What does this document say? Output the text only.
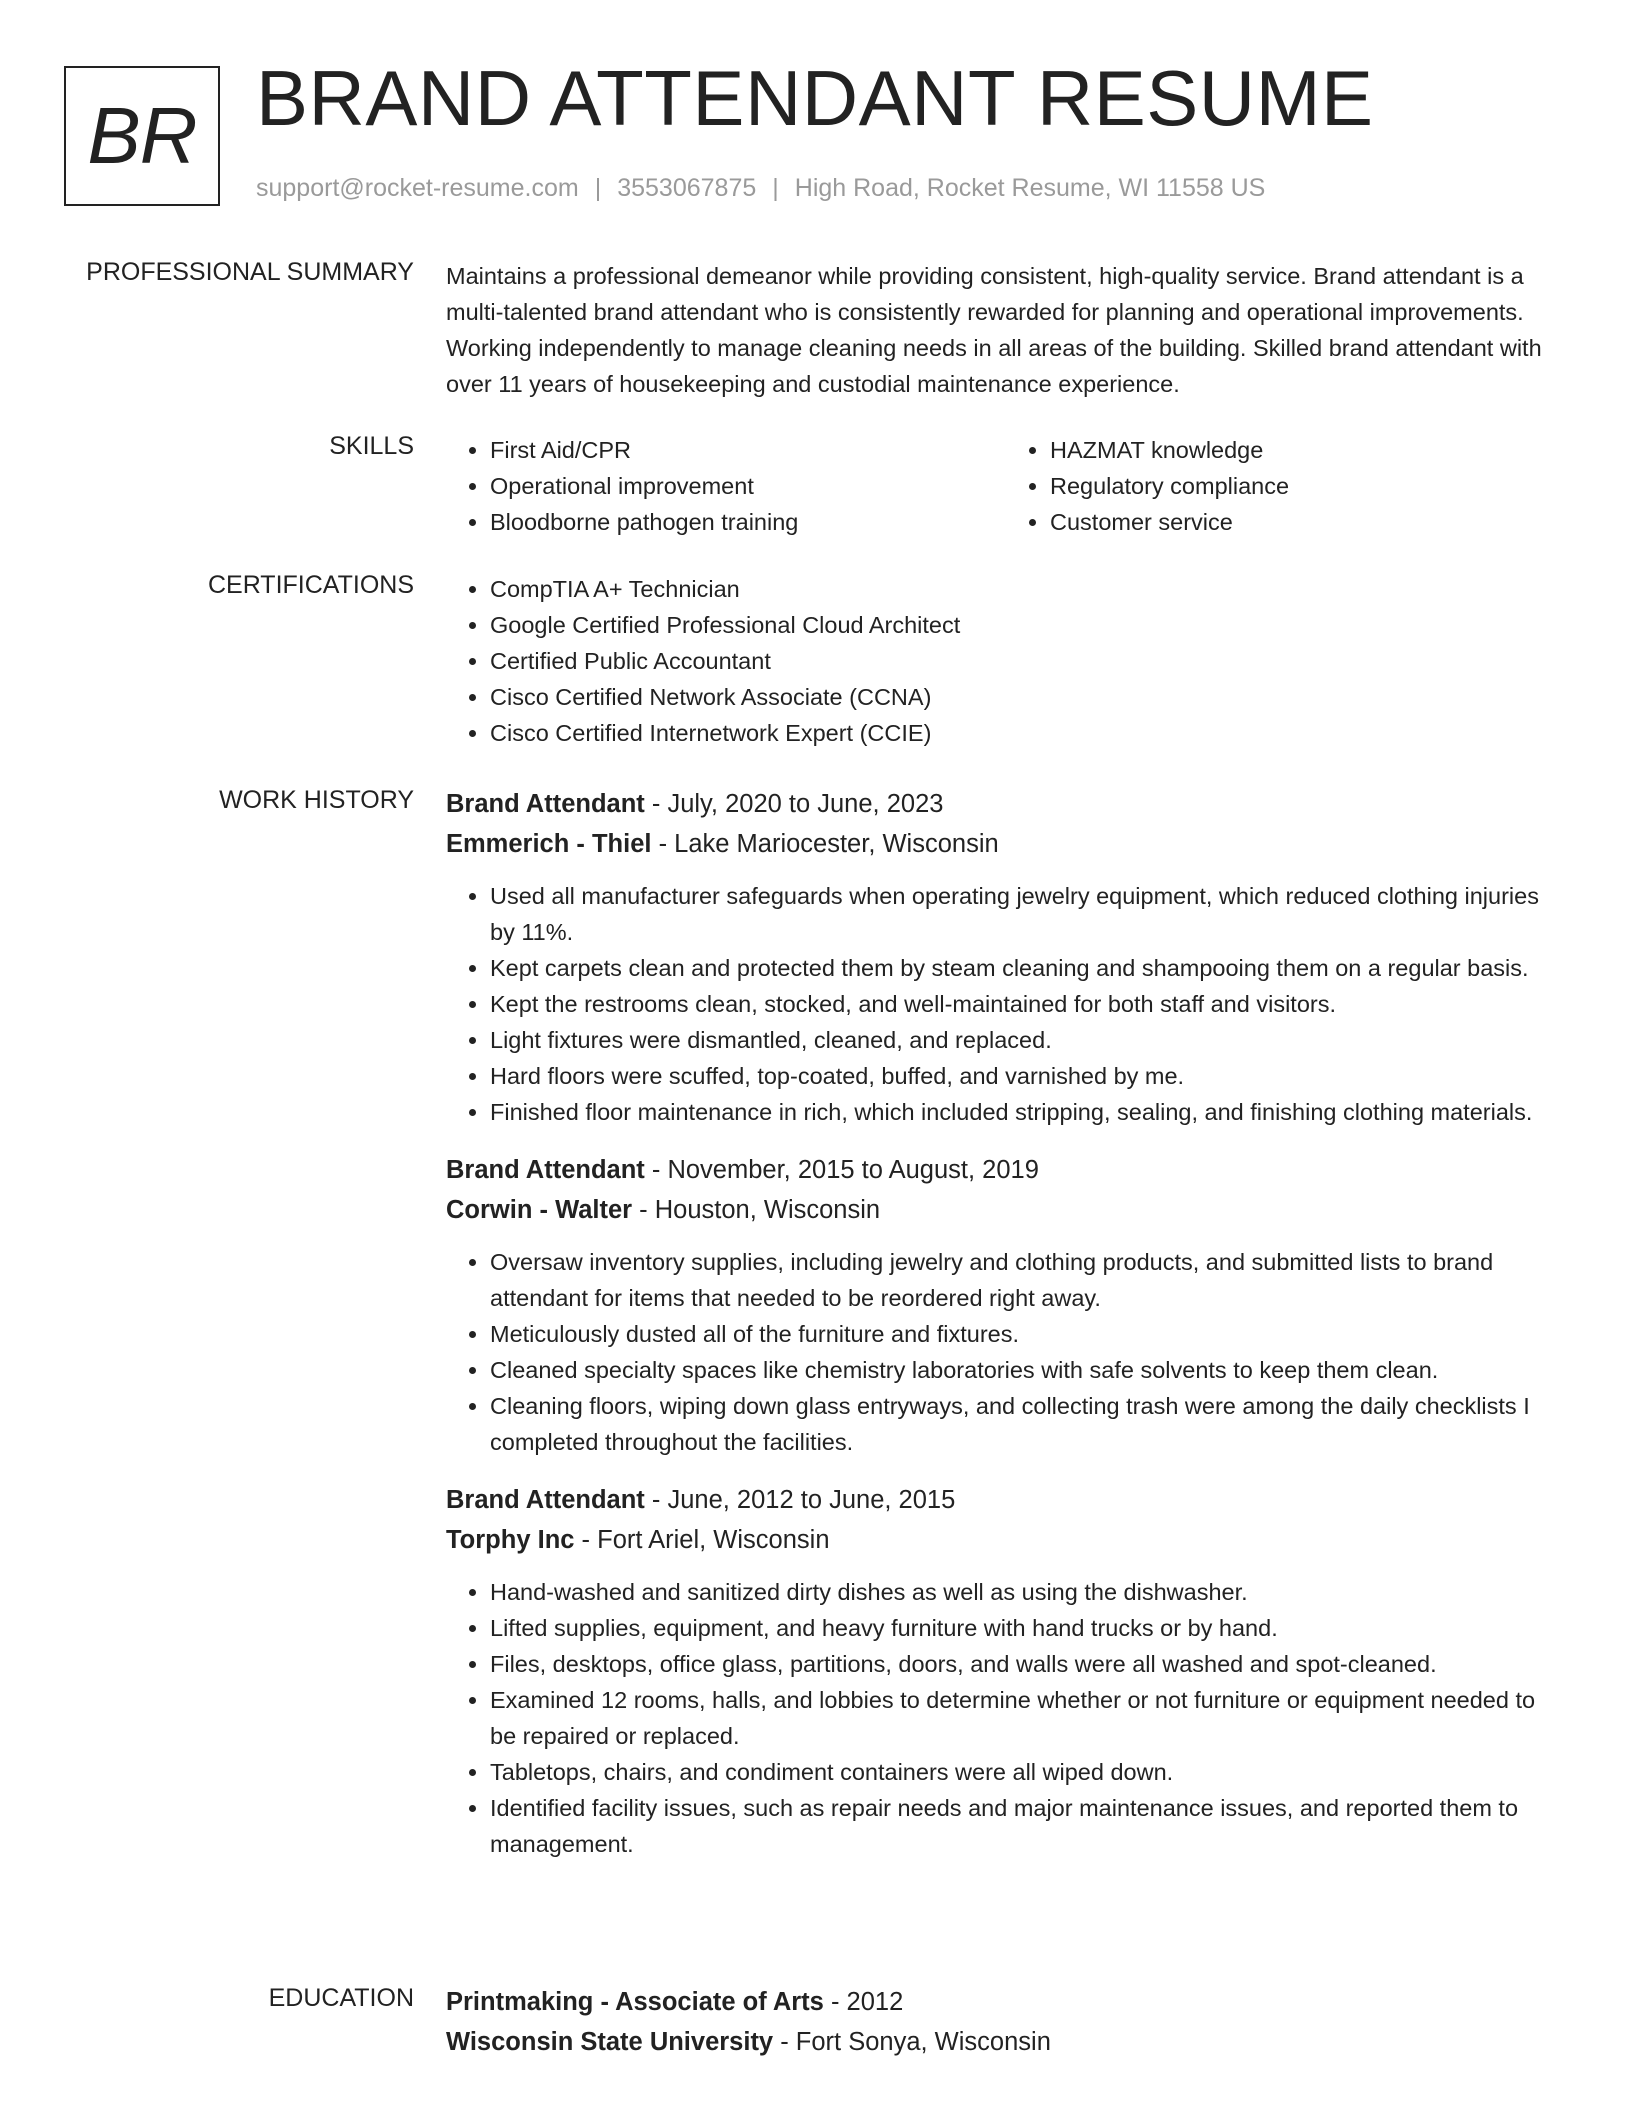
BR BRAND ATTENDANT RESUME
support@rocket-resume.com | 3553067875 | High Road, Rocket Resume, WI 11558 US
PROFESSIONAL SUMMARY Maintains a professional demeanor while providing consistent, high-quality service. Brand attendant is a multi-talented brand attendant who is consistently rewarded for planning and operational improvements. Working independently to manage cleaning needs in all areas of the building. Skilled brand attendant with over 11 years of housekeeping and custodial maintenance experience.

SKILLS	• First Aid/CPR
• Operational improvement
• Bloodborne pathogen training
• HAZMAT knowledge
• Regulatory compliance
• Customer service
CERTIFICATIONS	• CompTIA A+ Technician
• Google Certified Professional Cloud Architect
• Certified Public Accountant
• Cisco Certified Network Associate (CCNA)
• Cisco Certified Internetwork Expert (CCIE)
WORK HISTORY Brand Attendant - July, 2020 to June, 2023
Emmerich - Thiel - Lake Mariocester, Wisconsin
• Used all manufacturer safeguards when operating jewelry equipment, which reduced clothing injuries by 11%.
• Kept carpets clean and protected them by steam cleaning and shampooing them on a regular basis.
• Kept the restrooms clean, stocked, and well-maintained for both staff and visitors.
• Light fixtures were dismantled, cleaned, and replaced.
• Hard floors were scuffed, top-coated, buffed, and varnished by me.
• Finished floor maintenance in rich, which included stripping, sealing, and finishing clothing materials.
Brand Attendant - November, 2015 to August, 2019
Corwin - Walter - Houston, Wisconsin
• Oversaw inventory supplies, including jewelry and clothing products, and submitted lists to brand attendant for items that needed to be reordered right away.
• Meticulously dusted all of the furniture and fixtures.
• Cleaned specialty spaces like chemistry laboratories with safe solvents to keep them clean.
• Cleaning floors, wiping down glass entryways, and collecting trash were among the daily checklists I completed throughout the facilities.
Brand Attendant - June, 2012 to June, 2015
Torphy Inc - Fort Ariel, Wisconsin
• Hand-washed and sanitized dirty dishes as well as using the dishwasher.
• Lifted supplies, equipment, and heavy furniture with hand trucks or by hand.
• Files, desktops, office glass, partitions, doors, and walls were all washed and spot-cleaned.
• Examined 12 rooms, halls, and lobbies to determine whether or not furniture or equipment needed to be repaired or replaced.
• Tabletops, chairs, and condiment containers were all wiped down.
• Identified facility issues, such as repair needs and major maintenance issues, and reported them to management.
EDUCATION Printmaking - Associate of Arts - 2012
Wisconsin State University - Fort Sonya, Wisconsin
